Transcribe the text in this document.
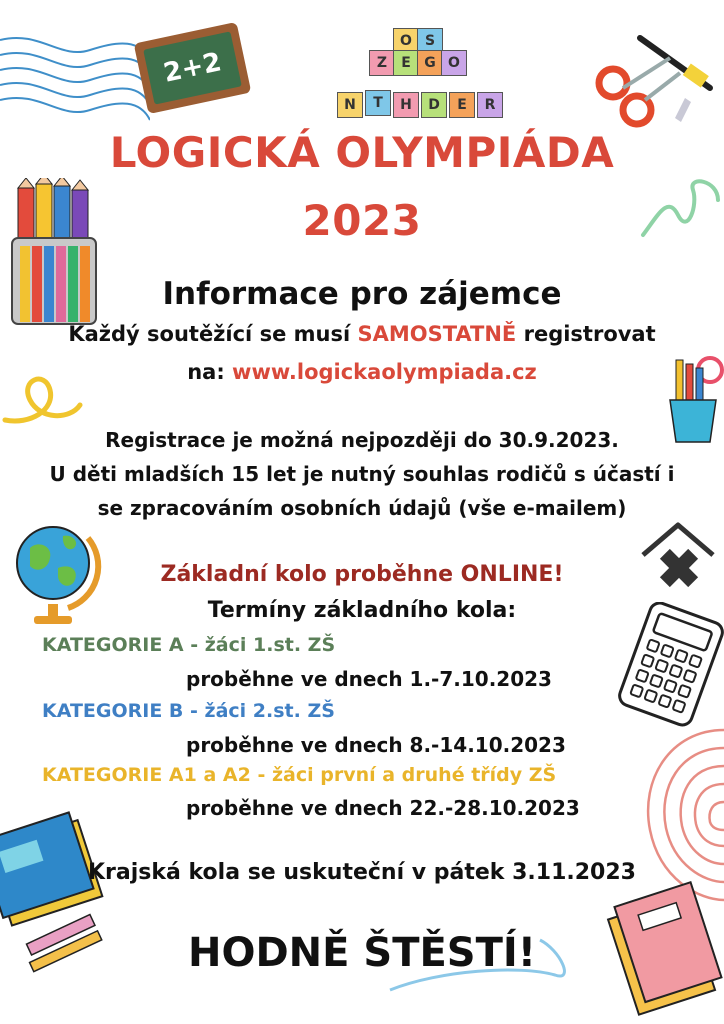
2+2
O S
Z	E G O
N	T	H	D	E	R
LOGICKÁ OLYMPIÁDA
2023
Informace pro zájemce
Každý soutěžící se musí SAMOSTATNĚ registrovat
na: www.logickaolympiada.cz
Registrace je možná nejpozději do 30.9.2023.
U děti mladších 15 let je nutný souhlas rodičů s účastí i
se zpracováním osobních údajů (vše e-mailem)
Základní kolo proběhne ONLINE!
Termíny základního kola:
KATEGORIE A - žáci 1.st. ZŠ
proběhne ve dnech 1.-7.10.2023
KATEGORIE B - žáci 2.st. ZŠ
proběhne ve dnech 8.-14.10.2023
KATEGORIE A1 a A2 - žáci první a druhé třídy ZŠ
proběhne ve dnech 22.-28.10.2023
Krajská kola se uskuteční v pátek 3.11.2023
HODNĚ ŠTĚSTÍ!
